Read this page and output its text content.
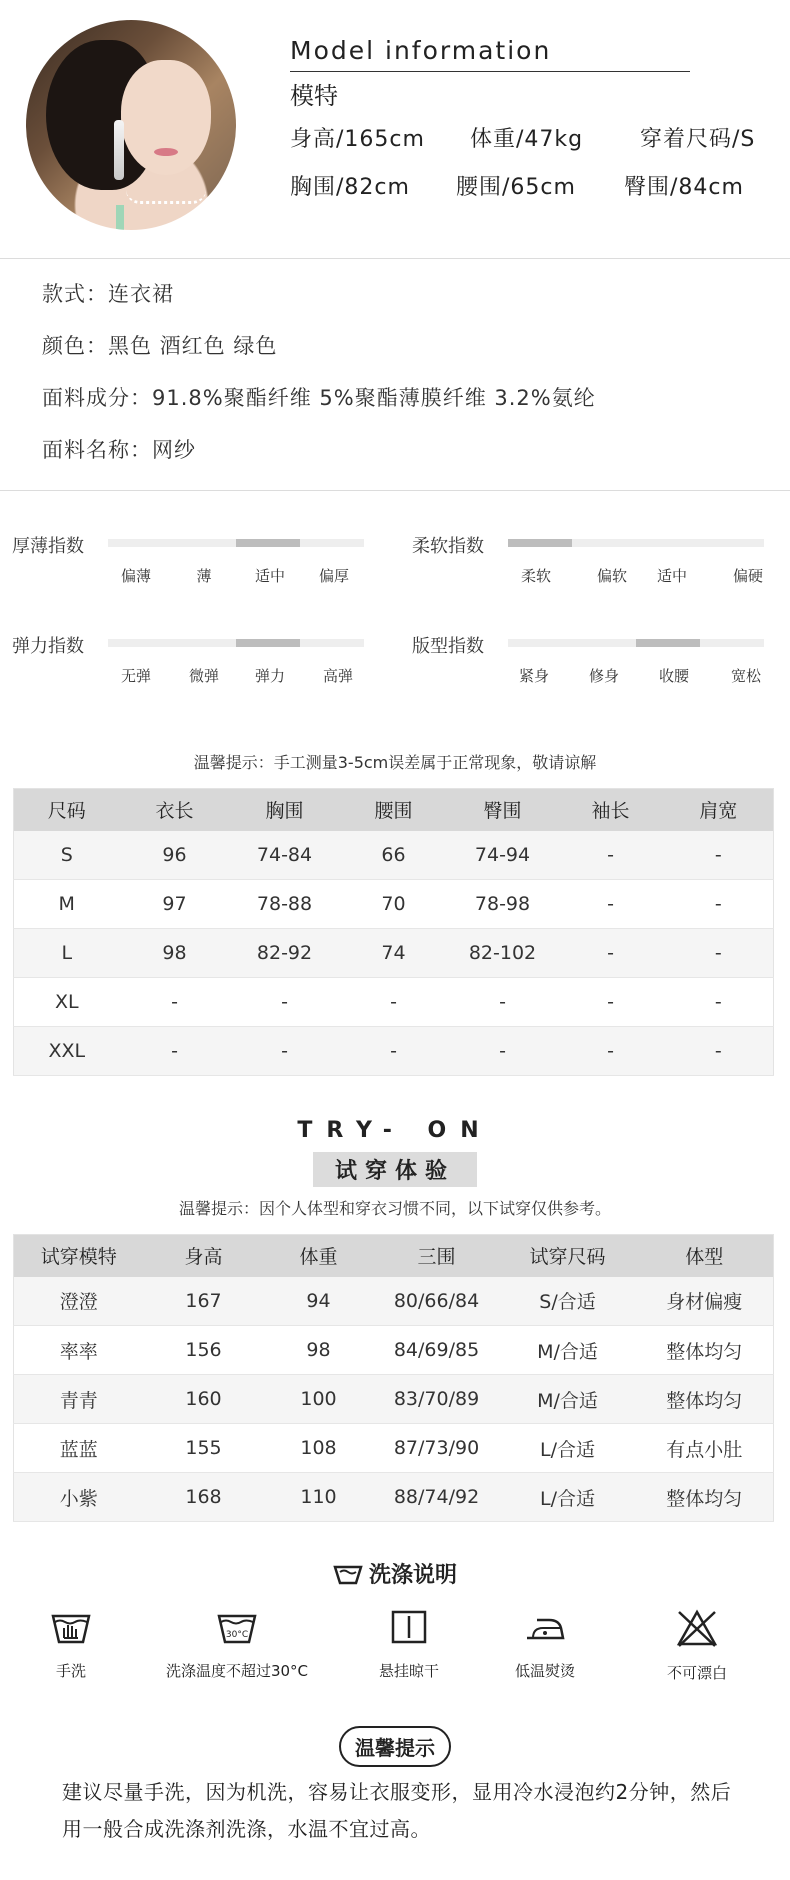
Model information
模特
身高/165cm 体重/47kg	穿着尺码/S
胸围/82cm 腰围/65cm 臀围/84cm
款式：连衣裙
颜色：黑色 酒红色 绿色
面料成分：91.8%聚酯纤维 5%聚酯薄膜纤维 3.2%氨纶
面料名称：网纱
厚薄指数
偏薄	薄	适中 偏厚
柔软指数
柔软	偏软 适中	偏硬
弹力指数
无弹	微弹 弹力	高弹
版型指数
紧身	修身	收腰	宽松
温馨提示：手工测量3-5cm误差属于正常现象，敬请谅解
尺码	衣长	胸围	腰围	臀围	袖长	肩宽
S	96	74-84	66	74-94	-	-
M	97	78-88	70	78-98	-	-
L	98	82-92	74	82-102	-	-
XL	-	-	-	-	-	-
XXL	-	-	-	-	-	-
TRY- ON
试穿体验
温馨提示：因个人体型和穿衣习惯不同，以下试穿仅供参考。
试穿模特	身高	体重	三围	试穿尺码	体型
澄澄	167	94	80/66/84	S/合适	身材偏瘦
率率	156	98	84/69/85	M/合适	整体均匀
青青	160	100	83/70/89	M/合适	整体均匀
蓝蓝	155	108	87/73/90	L/合适	有点小肚
小紫	168	110	88/74/92	L/合适	整体均匀
洗涤说明
手洗
30°C
洗涤温度不超过30°C	悬挂晾干	低温熨烫	不可漂白
温馨提示
建议尽量手洗，因为机洗，容易让衣服变形，显用冷水浸泡约2分钟，然后用一般合成洗涤剂洗涤，水温不宜过高。
